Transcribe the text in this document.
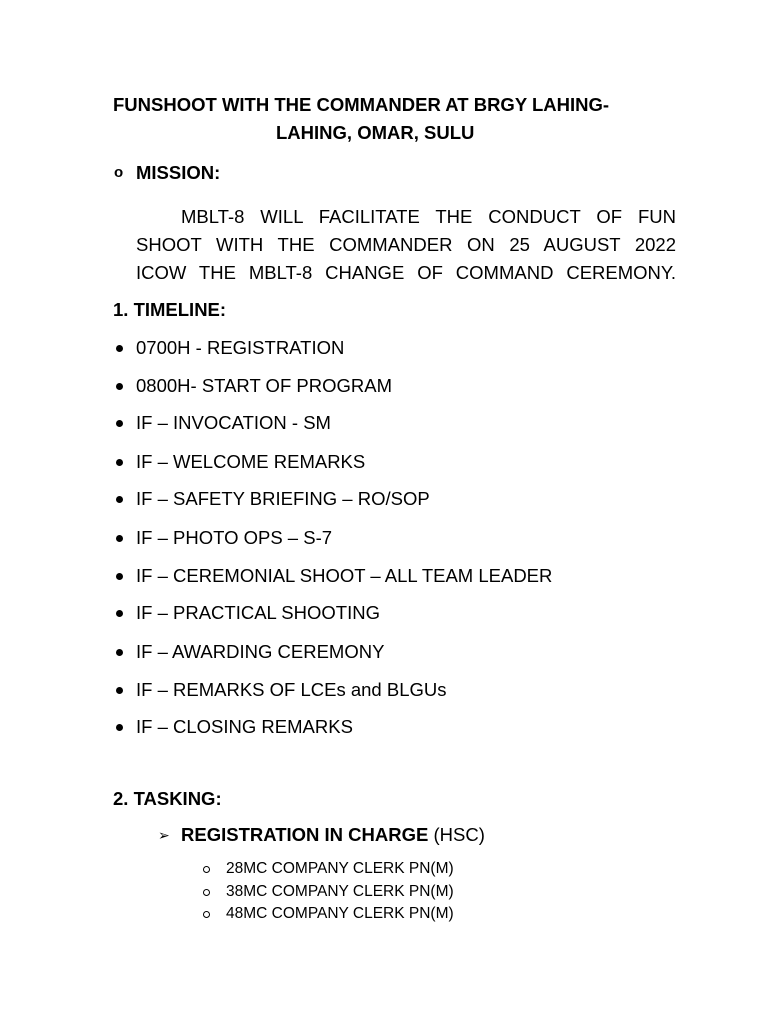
FUNSHOOT WITH THE COMMANDER AT BRGY LAHING-
LAHING, OMAR, SULU
o MISSION:
MBLT-8 WILL FACILITATE THE CONDUCT OF FUN
SHOOT WITH THE COMMANDER ON 25 AUGUST 2022
ICOW THE MBLT-8 CHANGE OF COMMAND CEREMONY.
1. TIMELINE:
0700H - REGISTRATION
0800H- START OF PROGRAM
IF – INVOCATION - SM
IF – WELCOME REMARKS
IF – SAFETY BRIEFING – RO/SOP
IF – PHOTO OPS – S-7
IF – CEREMONIAL SHOOT – ALL TEAM LEADER
IF – PRACTICAL SHOOTING
IF – AWARDING CEREMONY
IF – REMARKS OF LCEs and BLGUs
IF – CLOSING REMARKS
2. TASKING:
➢ REGISTRATION IN CHARGE (HSC)
28MC COMPANY CLERK PN(M)
38MC COMPANY CLERK PN(M)
48MC COMPANY CLERK PN(M)
